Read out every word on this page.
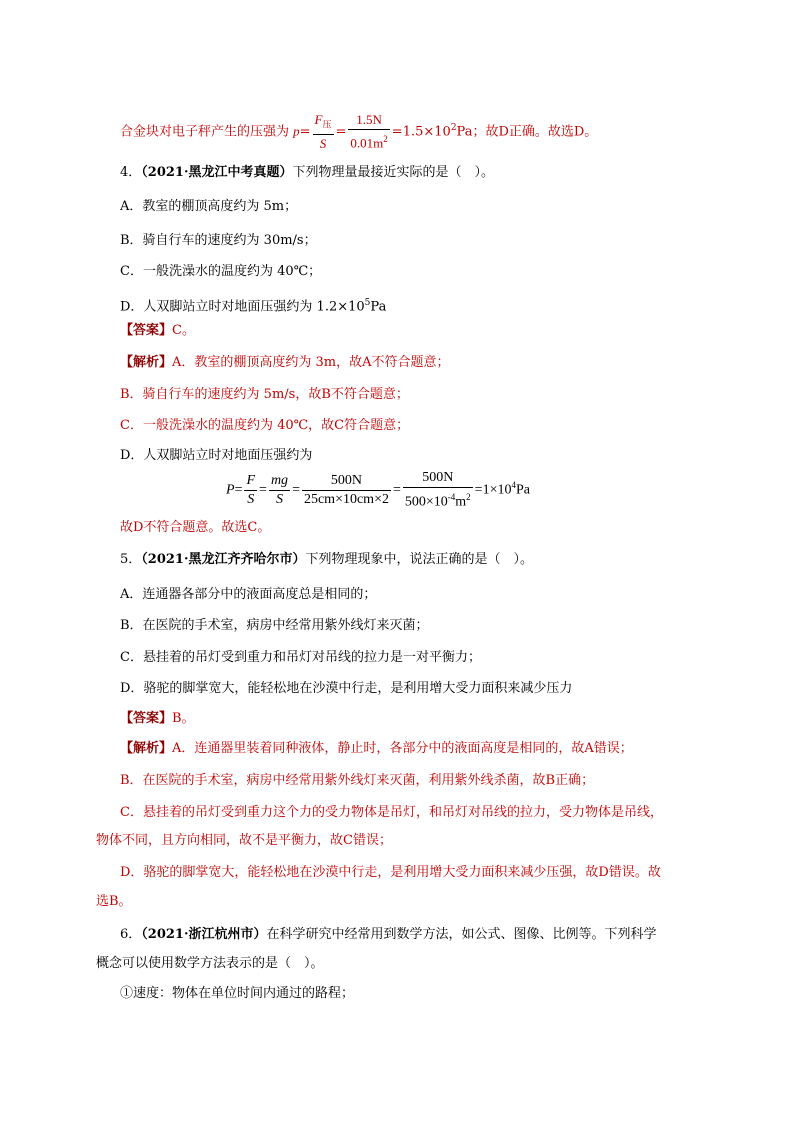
合金块对电子秤产生的压强为 $p= \frac{F_压}{S} = \frac{1.5N}{0.01m^2} =1.5\times 10^2Pa$；故D正确。故选D。
4．（2021·黑龙江中考真题）下列物理量最接近实际的是（　）。
A．教室的棚顶高度约为 5m；
B．骑自行车的速度约为 30m/s；
C．一般洗澡水的温度约为 40℃；
D．人双脚站立时对地面压强约为 $1.2\times 10^5Pa$
【答案】C。
【解析】A．教室的棚顶高度约为 3m，故A不符合题意；
B．骑自行车的速度约为 5m/s，故B不符合题意；
C．一般洗澡水的温度约为 40℃，故C符合题意；
D．人双脚站立时对地面压强约为
$P= \frac{F}{S} = \frac{mg}{S} = \frac{500N}{25cm\times 10cm\times 2} = \frac{500N}{500\times 10^{-4}m^2} =1\times 10^4Pa$
故D不符合题意。故选C。
5．（2021·黑龙江齐齐哈尔市）下列物理现象中，说法正确的是（　）。
A．连通器各部分中的液面高度总是相同的；
B．在医院的手术室，病房中经常用紫外线灯来灭菌；
C．悬挂着的吊灯受到重力和吊灯对吊线的拉力是一对平衡力；
D．骆驼的脚掌宽大，能轻松地在沙漠中行走，是利用增大受力面积来减少压力
【答案】B。
【解析】A．连通器里装着同种液体，静止时，各部分中的液面高度是相同的，故A错误；
B．在医院的手术室，病房中经常用紫外线灯来灭菌，利用紫外线杀菌，故B正确；
C．悬挂着的吊灯受到重力这个力的受力物体是吊灯，和吊灯对吊线的拉力，受力物体是吊线，
物体不同，且方向相同，故不是平衡力，故C错误；
D．骆驼的脚掌宽大，能轻松地在沙漠中行走，是利用增大受力面积来减少压强，故D错误。故
选B。
6．（2021·浙江杭州市）在科学研究中经常用到数学方法，如公式、图像、比例等。下列科学
概念可以使用数学方法表示的是（　）。
①速度：物体在单位时间内通过的路程；
